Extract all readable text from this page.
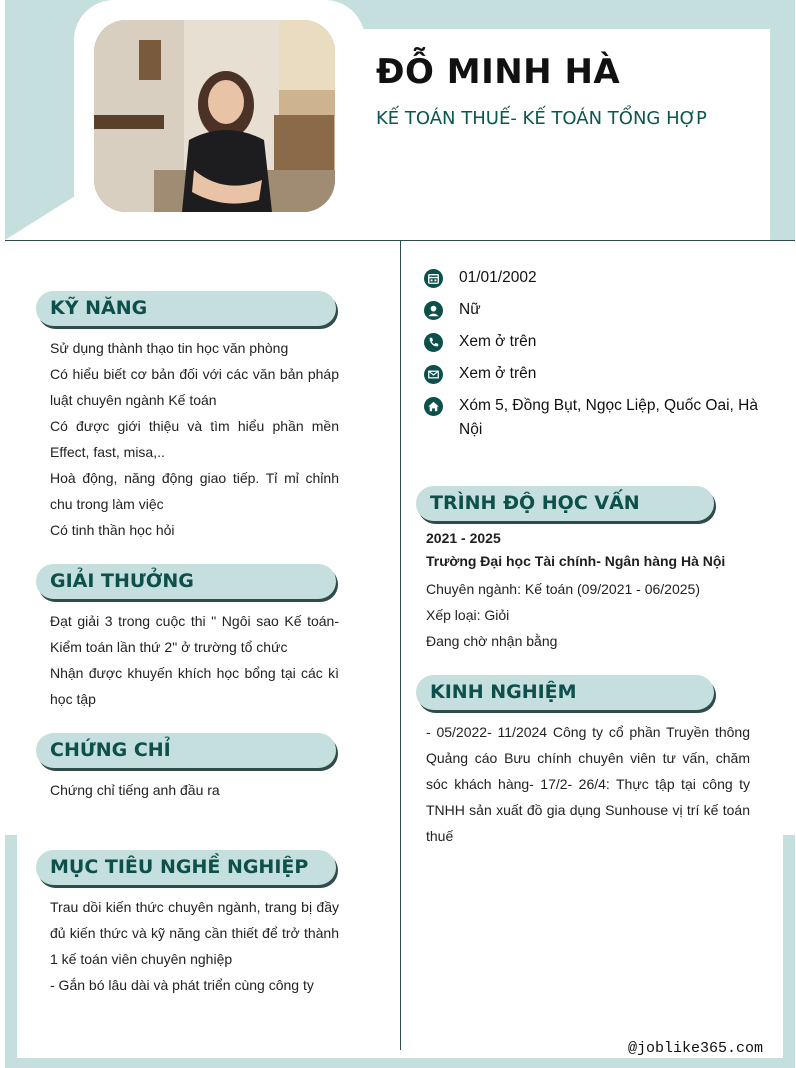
ĐỖ MINH HÀ
KẾ TOÁN THUẾ- KẾ TOÁN TỔNG HỢP
01/01/2002
Nữ
Xem ở trên
Xem ở trên
Xóm 5, Đồng Bụt, Ngọc Liệp, Quốc Oai, Hà Nội
KỸ NĂNG

Sử dụng thành thạo tin học văn phòng

Có hiểu biết cơ bản đối với các văn bản pháp luật chuyên ngành Kế toán

Có được giới thiệu và tìm hiểu phần mền Effect, fast, misa,..

Hoà động, năng động giao tiếp. Tỉ mỉ chỉnh chu trong làm việc

Có tinh thần học hỏi

GIẢI THƯỞNG

Đạt giải 3 trong cuộc thi " Ngôi sao Kế toán- Kiểm toán lần thứ 2" ở trường tổ chức

Nhận được khuyến khích học bổng tại các kì học tập

CHỨNG CHỈ

Chứng chỉ tiếng anh đầu ra

MỤC TIÊU NGHỀ NGHIỆP

Trau dồi kiến thức chuyên ngành, trang bị đầy đủ kiến thức và kỹ năng cần thiết để trở thành 1 kế toán viên chuyên nghiệp

- Gắn bó lâu dài và phát triển cùng công ty

TRÌNH ĐỘ HỌC VẤN
2021 - 2025
Trường Đại học Tài chính- Ngân hàng Hà Nội

Chuyên ngành: Kế toán (09/2021 - 06/2025)

Xếp loại: Giỏi

Đang chờ nhận bằng

KINH NGHIỆM

- 05/2022- 11/2024 Công ty cổ phần Truyền thông Quảng cáo Bưu chính chuyên viên tư vấn, chăm sóc khách hàng- 17/2- 26/4: Thực tập tại công ty TNHH sản xuất đồ gia dụng Sunhouse vị trí kế toán thuế

@joblike365.com
